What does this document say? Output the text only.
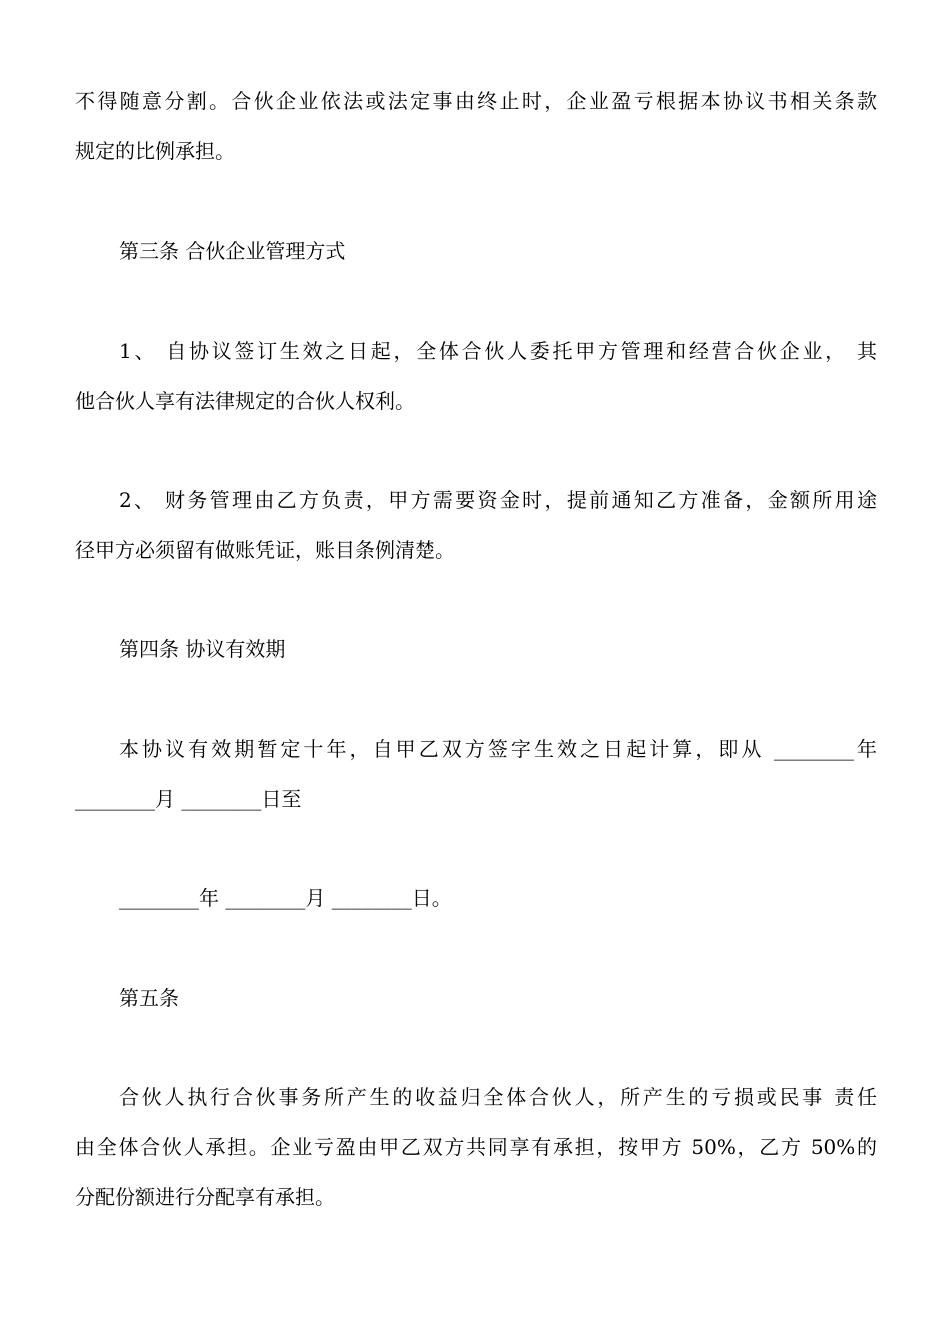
不得随意分割。合伙企业依法或法定事由终止时，企业盈亏根据本协议书相关条款
规定的比例承担。
第三条 合伙企业管理方式
1、 自协议签订生效之日起，全体合伙人委托甲方管理和经营合伙企业， 其
他合伙人享有法律规定的合伙人权利。
2、 财务管理由乙方负责，甲方需要资金时，提前通知乙方准备，金额所用途
径甲方必须留有做账凭证，账目条例清楚。
第四条 协议有效期
本协议有效期暂定十年，自甲乙双方签字生效之日起计算，即从 ________年
________月 ________日至
________年 ________月 ________日。
第五条
合伙人执行合伙事务所产生的收益归全体合伙人，所产生的亏损或民事 责任
由全体合伙人承担。企业亏盈由甲乙双方共同享有承担，按甲方 50%，乙方 50%的
分配份额进行分配享有承担。
